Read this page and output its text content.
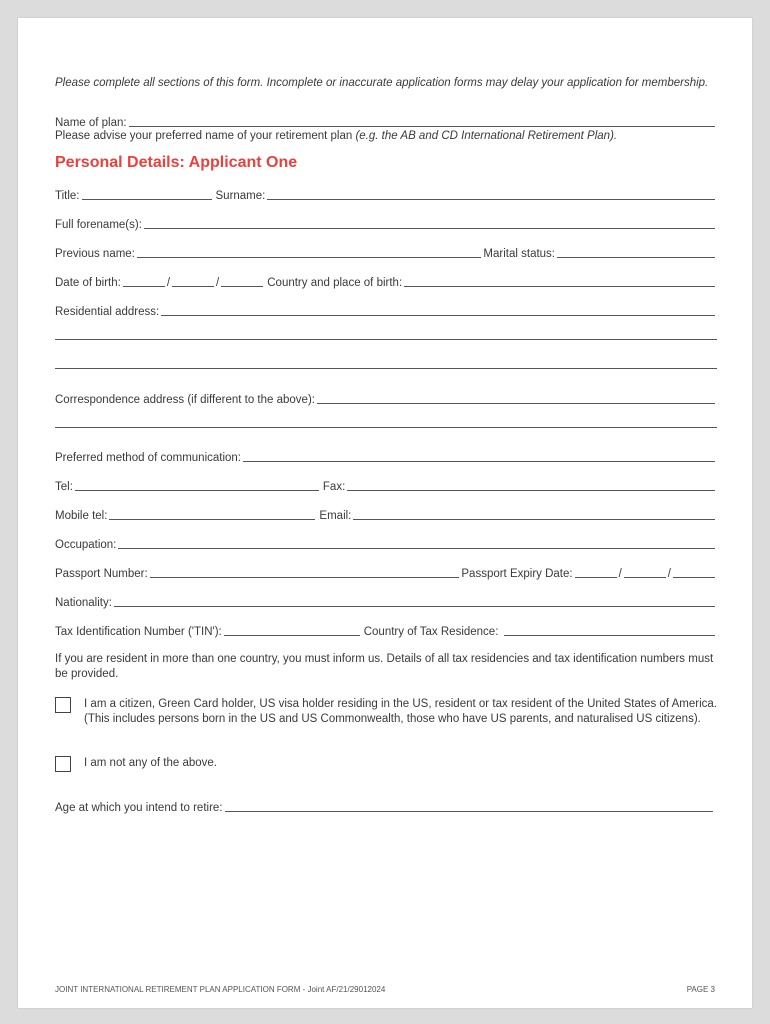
Please complete all sections of this form. Incomplete or inaccurate application forms may delay your application for membership.

Name of plan:
Please advise your preferred name of your retirement plan (e.g. the AB and CD International Retirement Plan).
Personal Details: Applicant One
Title:	Surname:
Full forename(s):
Previous name:	Marital status:
Date of birth:	/	/	Country and place of birth:
Residential address:
Correspondence address (if different to the above):
Preferred method of communication:
Tel:	Fax:
Mobile tel:	Email:
Occupation:
Passport Number:	Passport Expiry Date:	/	/
Nationality:
Tax Identification Number ('TIN'):	Country of Tax Residence:

If you are resident in more than one country, you must inform us. Details of all tax residencies and tax identification numbers must be provided.

I am a citizen, Green Card holder, US visa holder residing in the US, resident or tax resident of the United States of America. (This includes persons born in the US and US Commonwealth, those who have US parents, and naturalised US citizens).
I am not any of the above.
Age at which you intend to retire:
JOINT INTERNATIONAL RETIREMENT PLAN APPLICATION FORM - Joint AF/21/29012024	PAGE 3
